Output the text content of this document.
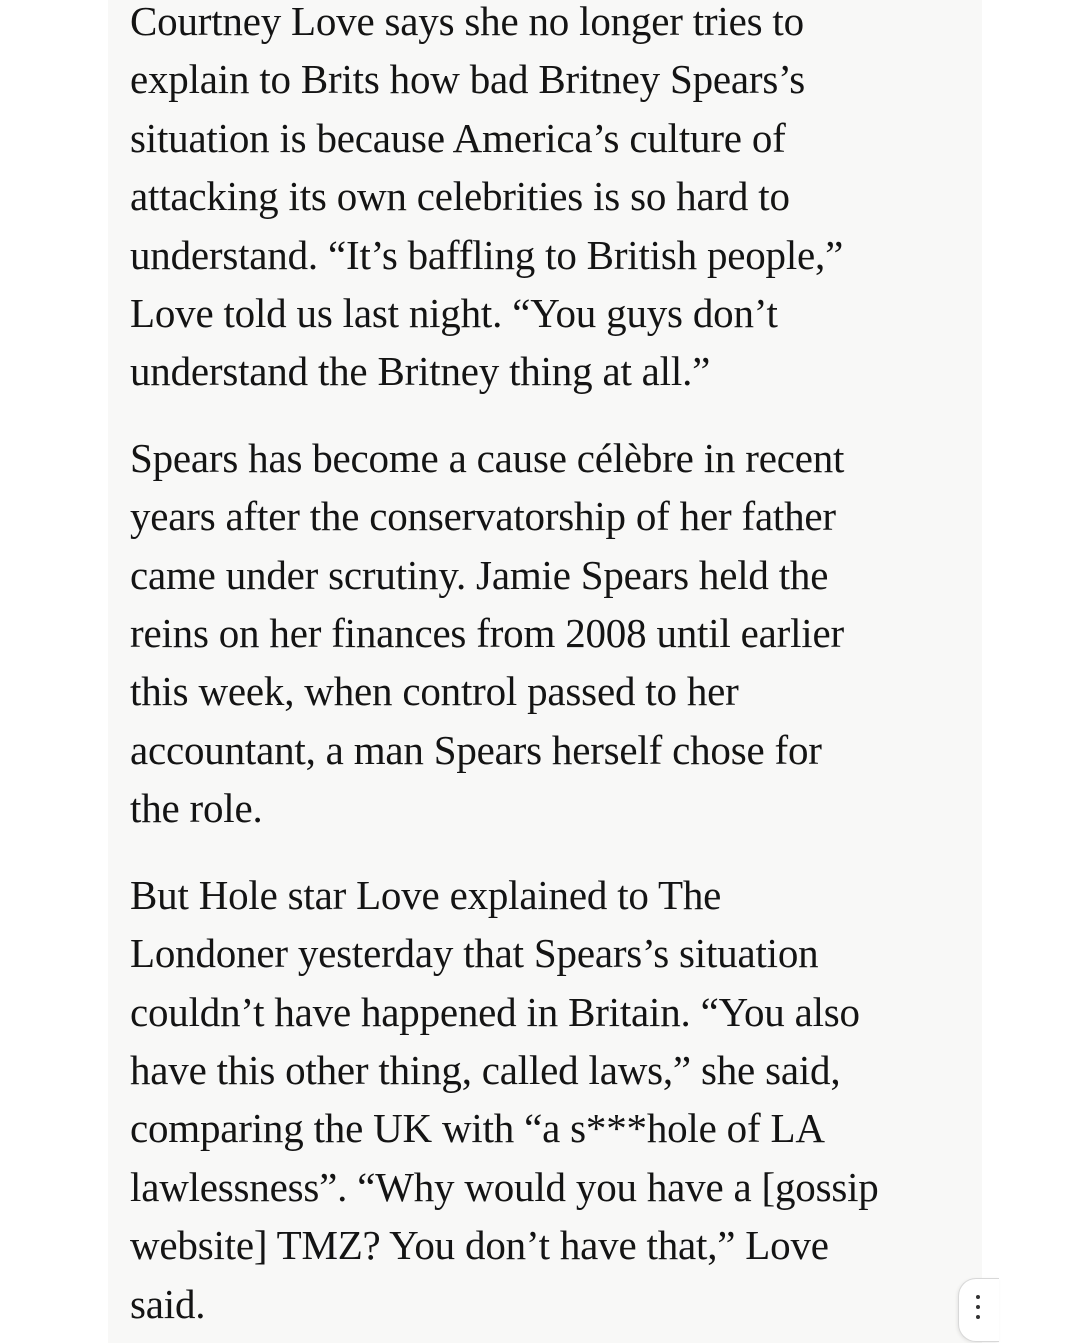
Courtney Love says she no longer tries to
explain to Brits how bad Britney Spears’s
situation is because America’s culture of
attacking its own celebrities is so hard to
understand. “It’s baffling to British people,”
Love told us last night. “You guys don’t
understand the Britney thing at all.”

Spears has become a cause célèbre in recent
years after the conservatorship of her father
came under scrutiny. Jamie Spears held the
reins on her finances from 2008 until earlier
this week, when control passed to her
accountant, a man Spears herself chose for
the role.

But Hole star Love explained to The
Londoner yesterday that Spears’s situation
couldn’t have happened in Britain. “You also
have this other thing, called laws,” she said,
comparing the UK with “a s***hole of LA
lawlessness”. “Why would you have a [gossip
website] TMZ? You don’t have that,” Love
said.
